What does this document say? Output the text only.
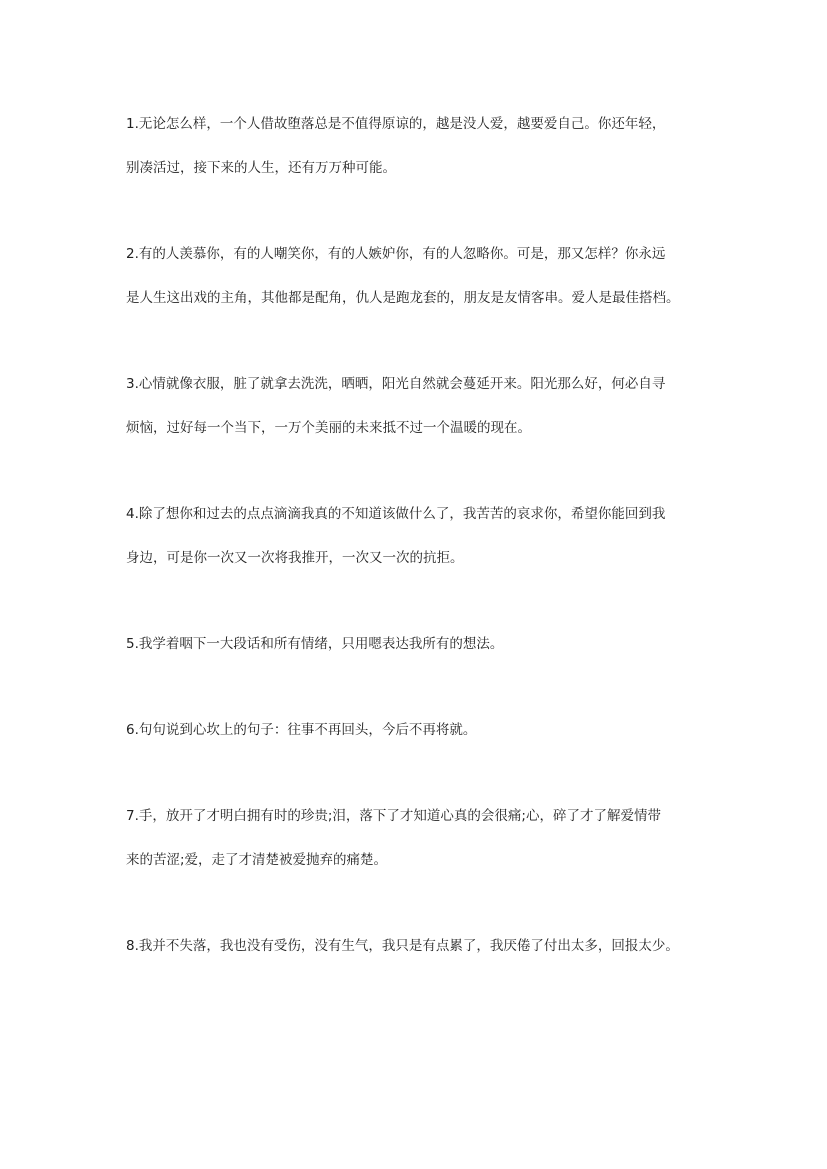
1.无论怎么样，一个人借故堕落总是不值得原谅的，越是没人爱，越要爱自己。你还年轻，
别凑活过，接下来的人生，还有万万种可能。
2.有的人羡慕你，有的人嘲笑你，有的人嫉妒你，有的人忽略你。可是，那又怎样？你永远
是人生这出戏的主角，其他都是配角，仇人是跑龙套的，朋友是友情客串。爱人是最佳搭档。
3.心情就像衣服，脏了就拿去洗洗，晒晒，阳光自然就会蔓延开来。阳光那么好，何必自寻
烦恼，过好每一个当下，一万个美丽的未来抵不过一个温暖的现在。
4.除了想你和过去的点点滴滴我真的不知道该做什么了，我苦苦的哀求你，希望你能回到我
身边，可是你一次又一次将我推开，一次又一次的抗拒。
5.我学着咽下一大段话和所有情绪，只用嗯表达我所有的想法。
6.句句说到心坎上的句子：往事不再回头，今后不再将就。
7.手，放开了才明白拥有时的珍贵;泪，落下了才知道心真的会很痛;心，碎了才了解爱情带
来的苦涩;爱，走了才清楚被爱抛弃的痛楚。
8.我并不失落，我也没有受伤，没有生气，我只是有点累了，我厌倦了付出太多，回报太少。
